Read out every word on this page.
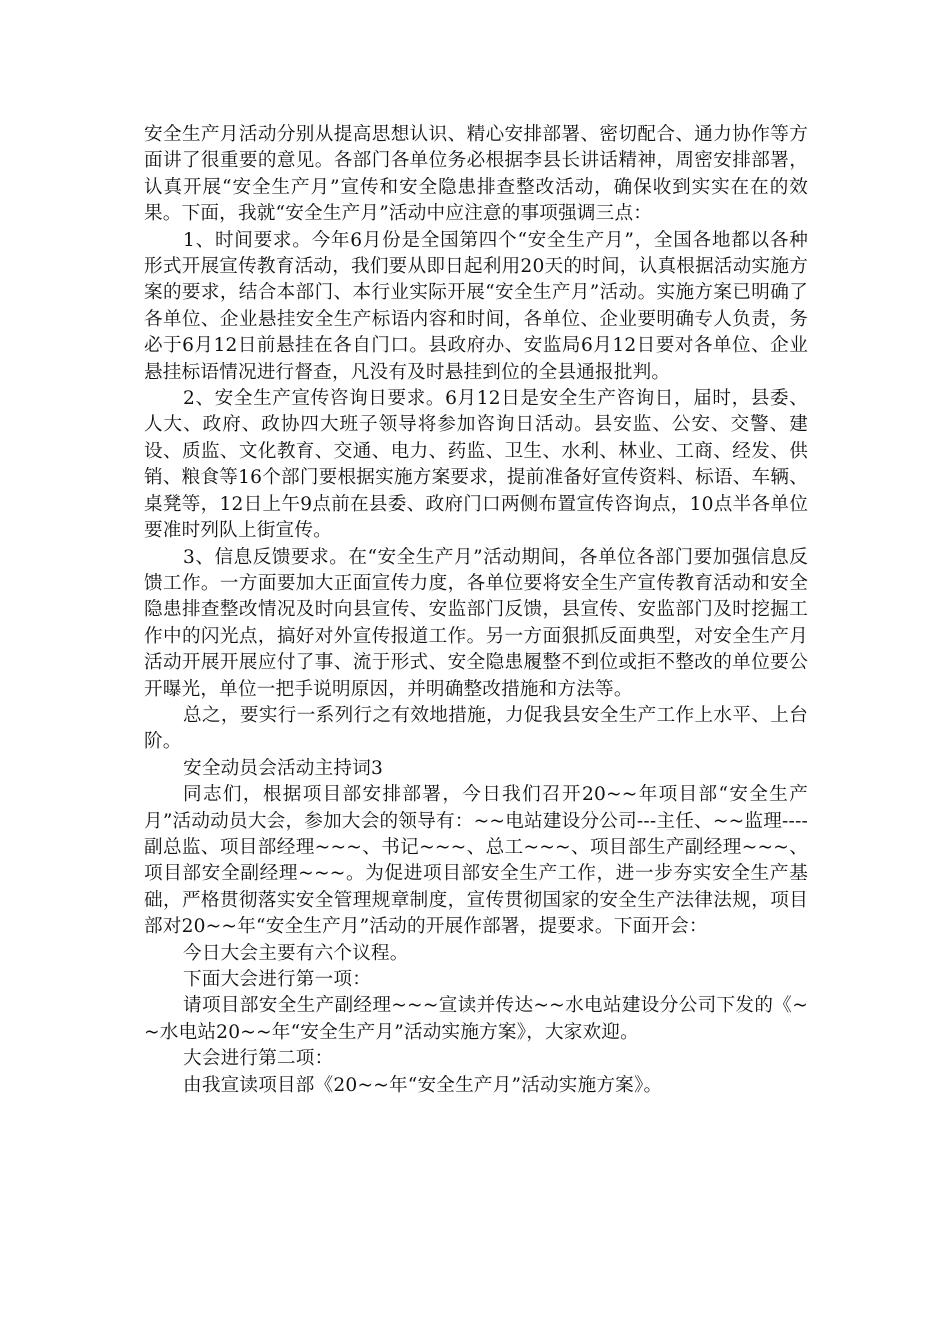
安全生产月活动分别从提高思想认识、精心安排部署、密切配合、通力协作等方面讲了很重要的意见。各部门各单位务必根据李县长讲话精神，周密安排部署，认真开展“安全生产月”宣传和安全隐患排查整改活动，确保收到实实在在的效果。下面，我就“安全生产月”活动中应注意的事项强调三点：

1、时间要求。今年6月份是全国第四个“安全生产月”，全国各地都以各种形式开展宣传教育活动，我们要从即日起利用20天的时间，认真根据活动实施方案的要求，结合本部门、本行业实际开展“安全生产月”活动。实施方案已明确了各单位、企业悬挂安全生产标语内容和时间，各单位、企业要明确专人负责，务必于6月12日前悬挂在各自门口。县政府办、安监局6月12日要对各单位、企业悬挂标语情况进行督查，凡没有及时悬挂到位的全县通报批判。

2、安全生产宣传咨询日要求。6月12日是安全生产咨询日，届时，县委、人大、政府、政协四大班子领导将参加咨询日活动。县安监、公安、交警、建设、质监、文化教育、交通、电力、药监、卫生、水利、林业、工商、经发、供销、粮食等16个部门要根据实施方案要求，提前准备好宣传资料、标语、车辆、桌凳等，12日上午9点前在县委、政府门口两侧布置宣传咨询点，10点半各单位要准时列队上街宣传。

3、信息反馈要求。在“安全生产月”活动期间，各单位各部门要加强信息反馈工作。一方面要加大正面宣传力度，各单位要将安全生产宣传教育活动和安全隐患排查整改情况及时向县宣传、安监部门反馈，县宣传、安监部门及时挖掘工作中的闪光点，搞好对外宣传报道工作。另一方面狠抓反面典型，对安全生产月活动开展开展应付了事、流于形式、安全隐患履整不到位或拒不整改的单位要公开曝光，单位一把手说明原因，并明确整改措施和方法等。

总之，要实行一系列行之有效地措施，力促我县安全生产工作上水平、上台阶。

安全动员会活动主持词3

同志们，根据项目部安排部署，今日我们召开20~~年项目部“安全生产月”活动动员大会，参加大会的领导有：~~电站建设分公司---主任、~~监理----副总监、项目部经理~~~、书记~~~、总工~~~、项目部生产副经理~~~、项目部安全副经理~~~。为促进项目部安全生产工作，进一步夯实安全生产基础，严格贯彻落实安全管理规章制度，宣传贯彻国家的安全生产法律法规，项目部对20~~年“安全生产月”活动的开展作部署，提要求。下面开会：

今日大会主要有六个议程。

下面大会进行第一项：

请项目部安全生产副经理~~~宣读并传达~~水电站建设分公司下发的《~~水电站20~~年“安全生产月”活动实施方案》，大家欢迎。

大会进行第二项：

由我宣读项目部《20~~年“安全生产月”活动实施方案》。
